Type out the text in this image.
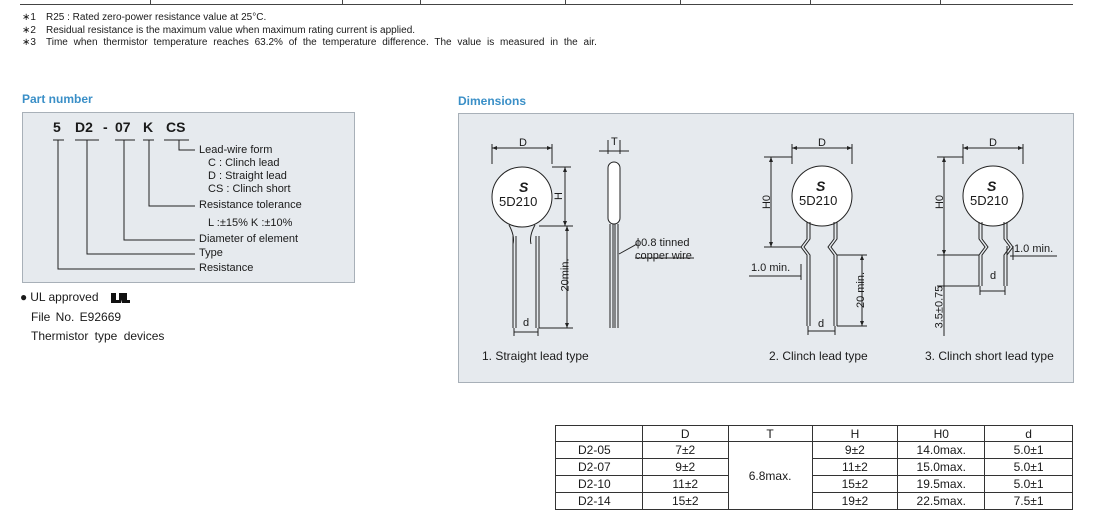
∗1	R25 : Rated zero-power resistance value at 25°C.
∗2	Residual resistance is the maximum value when maximum rating current is applied.
∗3	Time when thermistor temperature reaches 63.2% of the temperature difference. The value is measured in the air.
Part number
5 D2 - 07 K CS
Lead-wire form
C : Clinch lead
D : Straight lead
CS : Clinch short
Resistance tolerance
L :±15% K :±10%
Diameter of element
Type
Resistance
● UL approved
File No. E92669
Thermistor type devices
Dimensions
D
S
5D210 H
20min.
d
T
ϕ0.8 tinned
copper wire
D
S
5D210
H0
1.0 min.
20 min.
d
D
S
5D210
H0
1.0 min.
3.5±0.75
d
1. Straight lead type	2. Clinch lead type	3. Clinch short lead type
	D	T	H	H0	d
D2-05	7±2	6.8max.	9±2	14.0max.	5.0±1
D2-07	9±2		11±2	15.0max.	5.0±1
D2-10	11±2		15±2	19.5max.	5.0±1
D2-14	15±2		19±2	22.5max.	7.5±1
